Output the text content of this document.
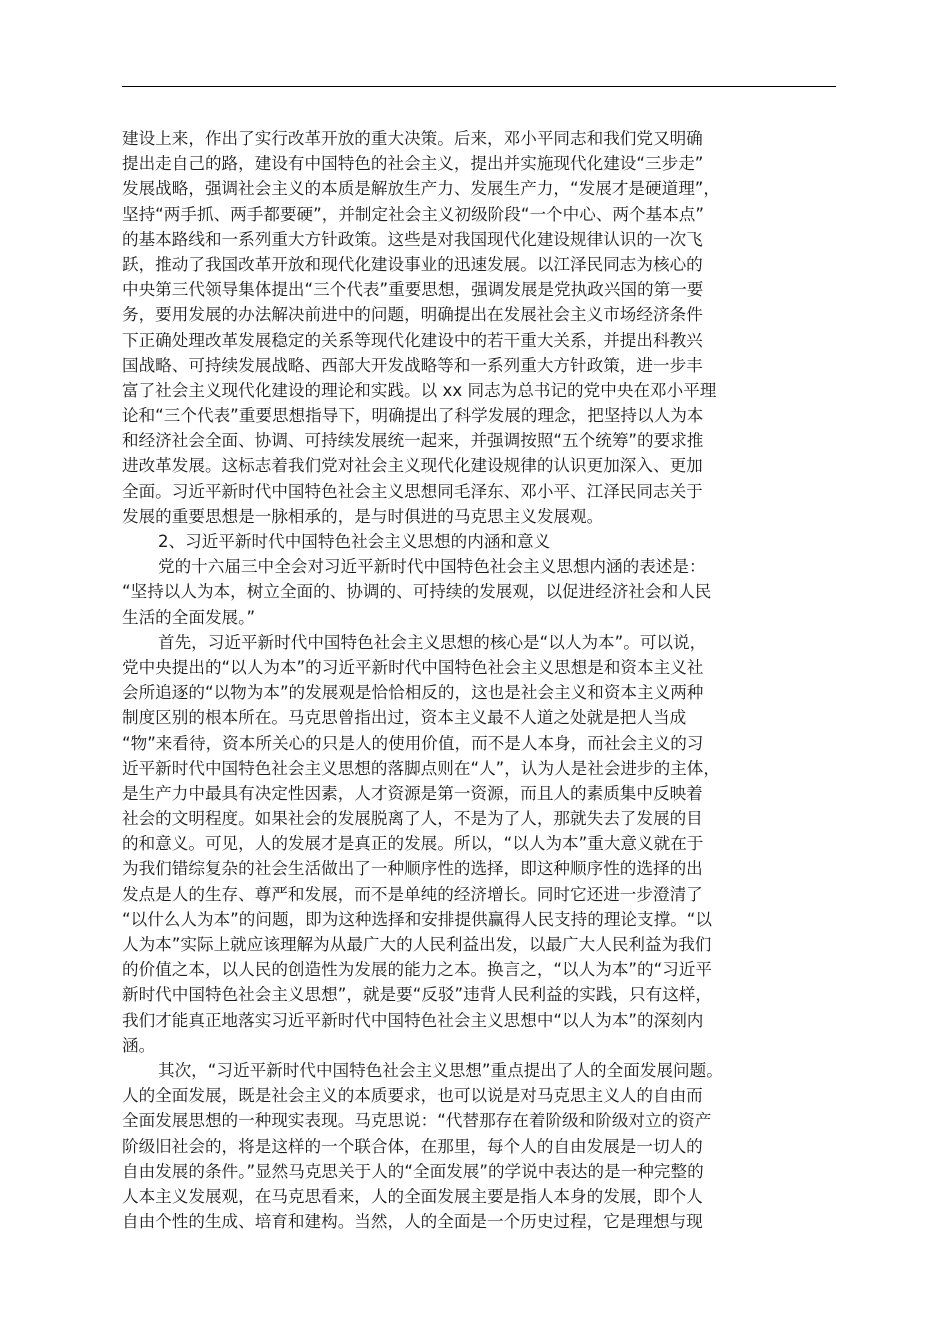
建设上来，作出了实行改革开放的重大决策。后来，邓小平同志和我们党又明确
提出走自己的路，建设有中国特色的社会主义，提出并实施现代化建设“三步走”
发展战略，强调社会主义的本质是解放生产力、发展生产力，“发展才是硬道理”，
坚持“两手抓、两手都要硬”，并制定社会主义初级阶段“一个中心、两个基本点”
的基本路线和一系列重大方针政策。这些是对我国现代化建设规律认识的一次飞
跃，推动了我国改革开放和现代化建设事业的迅速发展。以江泽民同志为核心的
中央第三代领导集体提出“三个代表”重要思想，强调发展是党执政兴国的第一要
务，要用发展的办法解决前进中的问题，明确提出在发展社会主义市场经济条件
下正确处理改革发展稳定的关系等现代化建设中的若干重大关系，并提出科教兴
国战略、可持续发展战略、西部大开发战略等和一系列重大方针政策，进一步丰
富了社会主义现代化建设的理论和实践。以 xx 同志为总书记的党中央在邓小平理
论和“三个代表”重要思想指导下，明确提出了科学发展的理念，把坚持以人为本
和经济社会全面、协调、可持续发展统一起来，并强调按照“五个统筹”的要求推
进改革发展。这标志着我们党对社会主义现代化建设规律的认识更加深入、更加
全面。习近平新时代中国特色社会主义思想同毛泽东、邓小平、江泽民同志关于
发展的重要思想是一脉相承的，是与时俱进的马克思主义发展观。

2、习近平新时代中国特色社会主义思想的内涵和意义

党的十六届三中全会对习近平新时代中国特色社会主义思想内涵的表述是：
“坚持以人为本，树立全面的、协调的、可持续的发展观，以促进经济社会和人民
生活的全面发展。”

首先，习近平新时代中国特色社会主义思想的核心是“以人为本”。可以说，
党中央提出的“以人为本”的习近平新时代中国特色社会主义思想是和资本主义社
会所追逐的“以物为本”的发展观是恰恰相反的，这也是社会主义和资本主义两种
制度区别的根本所在。马克思曾指出过，资本主义最不人道之处就是把人当成
“物”来看待，资本所关心的只是人的使用价值，而不是人本身，而社会主义的习
近平新时代中国特色社会主义思想的落脚点则在“人”，认为人是社会进步的主体，
是生产力中最具有决定性因素，人才资源是第一资源，而且人的素质集中反映着
社会的文明程度。如果社会的发展脱离了人，不是为了人，那就失去了发展的目
的和意义。可见，人的发展才是真正的发展。所以，“以人为本”重大意义就在于
为我们错综复杂的社会生活做出了一种顺序性的选择，即这种顺序性的选择的出
发点是人的生存、尊严和发展，而不是单纯的经济增长。同时它还进一步澄清了
“以什么人为本”的问题，即为这种选择和安排提供赢得人民支持的理论支撑。“以
人为本”实际上就应该理解为从最广大的人民利益出发，以最广大人民利益为我们
的价值之本，以人民的创造性为发展的能力之本。换言之，“以人为本”的“习近平
新时代中国特色社会主义思想”，就是要“反驳”违背人民利益的实践，只有这样，
我们才能真正地落实习近平新时代中国特色社会主义思想中“以人为本”的深刻内
涵。

其次，“习近平新时代中国特色社会主义思想”重点提出了人的全面发展问题。
人的全面发展，既是社会主义的本质要求，也可以说是对马克思主义人的自由而
全面发展思想的一种现实表现。马克思说：“代替那存在着阶级和阶级对立的资产
阶级旧社会的，将是这样的一个联合体，在那里，每个人的自由发展是一切人的
自由发展的条件。”显然马克思关于人的“全面发展”的学说中表达的是一种完整的
人本主义发展观，在马克思看来，人的全面发展主要是指人本身的发展，即个人
自由个性的生成、培育和建构。当然，人的全面是一个历史过程，它是理想与现
